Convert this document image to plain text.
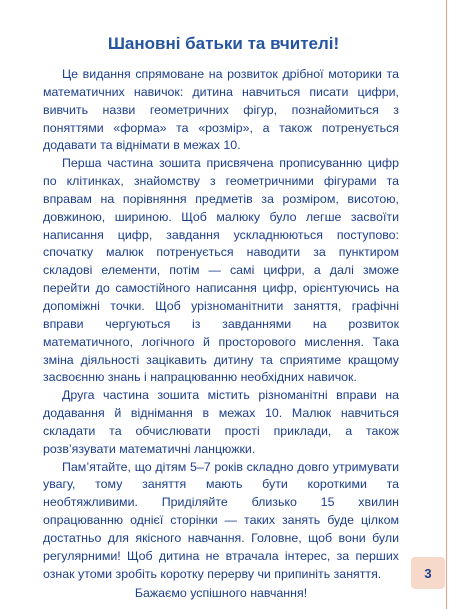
Шановні батьки та вчителі!

Це видання спрямоване на розвиток дрібної моторики та математичних навичок: дитина навчиться писати цифри, вивчить назви геометричних фігур, познайомиться з поняттями «форма» та «розмір», а також потренується додавати та віднімати в межах 10.

Перша частина зошита присвячена прописуванню цифр по клітинках, знайомству з геометричними фігурами та вправам на порівняння предметів за розміром, висотою, довжиною, шириною. Щоб малюку було легше засвоїти написання цифр, завдання ускладнюються поступово: спочатку малюк потренується наводити за пунктиром складові елементи, потім — самі цифри, а далі зможе перейти до самостійного написання цифр, орієнтуючись на допоміжні точки. Щоб урізноманітнити заняття, графічні вправи чергуються із завданнями на розвиток математичного, логічного й просторового мислення. Така зміна діяльності зацікавить дитину та сприятиме кращому засвоєнню знань і напрацюванню необхідних навичок.

Друга частина зошита містить різноманітні вправи на додавання й віднімання в межах 10. Малюк навчиться складати та обчислювати прості приклади, а також розв’язувати математичні ланцюжки.

Пам’ятайте, що дітям 5–7 років складно довго утримувати увагу, тому заняття мають бути короткими та необтяжливими. Приділяйте близько 15 хвилин опрацюванню однієї сторінки — таких занять буде цілком достатньо для якісного навчання. Головне, щоб вони були регулярними! Щоб дитина не втрачала інтерес, за перших ознак утоми зробіть коротку перерву чи припиніть заняття.

Бажаємо успішного навчання!

3
